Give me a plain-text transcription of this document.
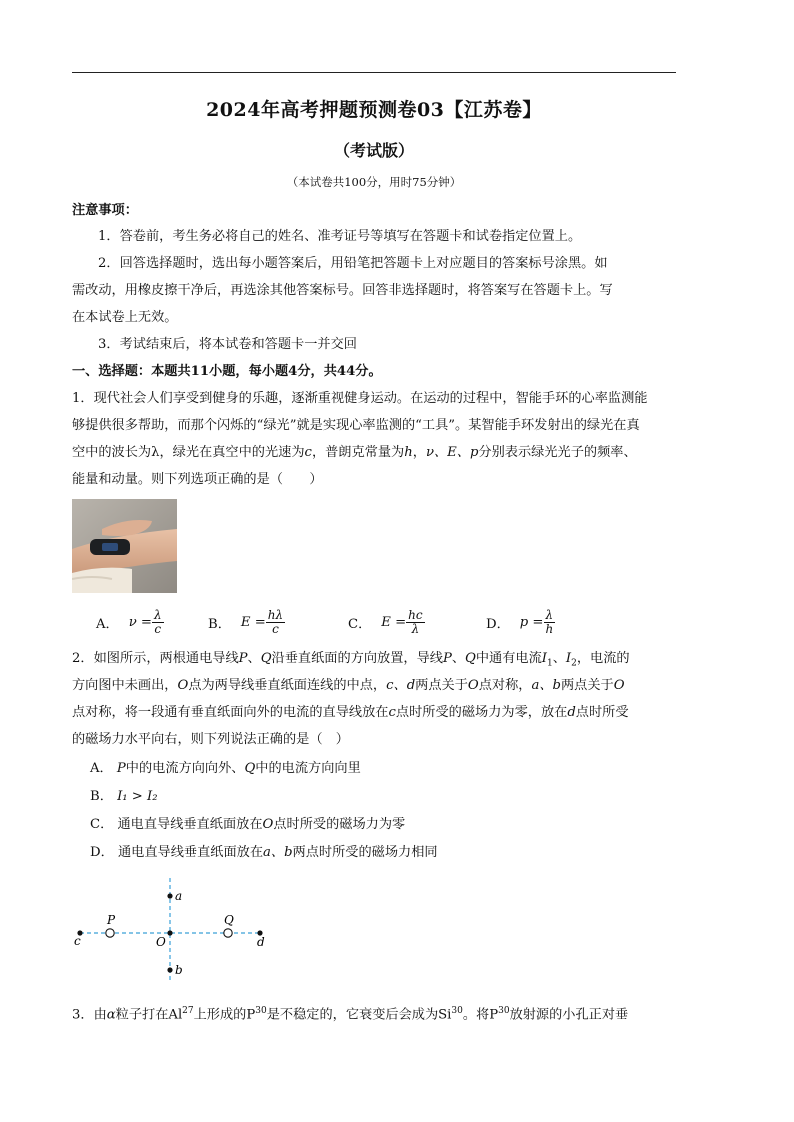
2024年高考押题预测卷03【江苏卷】
（考试版）
（本试卷共100分，用时75分钟）
注意事项：
1．答卷前，考生务必将自己的姓名、准考证号等填写在答题卡和试卷指定位置上。
2．回答选择题时，选出每小题答案后，用铅笔把答题卡上对应题目的答案标号涂黑。如
需改动，用橡皮擦干净后，再选涂其他答案标号。回答非选择题时，将答案写在答题卡上。写
在本试卷上无效。
3．考试结束后，将本试卷和答题卡一并交回
一、选择题：本题共11小题，每小题4分，共44分。
1．现代社会人们享受到健身的乐趣，逐渐重视健身运动。在运动的过程中，智能手环的心率监测能
够提供很多帮助，而那个闪烁的“绿光”就是实现心率监测的“工具”。某智能手环发射出的绿光在真
空中的波长为λ，绿光在真空中的光速为c，普朗克常量为h，ν、E、p分别表示绿光光子的频率、
能量和动量。则下列选项正确的是（　　）
A． $\nu = \frac{\lambda}{c}$	B． $E = \frac{h\lambda}{c}$	C． $E = \frac{hc}{\lambda}$	D． $p = \frac{\lambda}{h}$
2．如图所示，两根通电导线P、Q沿垂直纸面的方向放置，导线P、Q中通有电流$I_1$、$I_2$，电流的
方向图中未画出，O点为两导线垂直纸面连线的中点，c、d两点关于O点对称，a、b两点关于O
点对称，将一段通有垂直纸面向外的电流的直导线放在c点时所受的磁场力为零，放在d点时所受
的磁场力水平向右，则下列说法正确的是（　）
A． P中的电流方向向外、Q中的电流方向向里
B． I₁ > I₂
C． 通电直导线垂直纸面放在O点时所受的磁场力为零
D． 通电直导线垂直纸面放在a、b两点时所受的磁场力相同
c	d
P	Q
O
a
b
3．由α粒子打在Al$^{27}$上形成的$P^{30}$是不稳定的，它衰变后会成为Si$^{30}$。将$P^{30}$放射源的小孔正对垂
